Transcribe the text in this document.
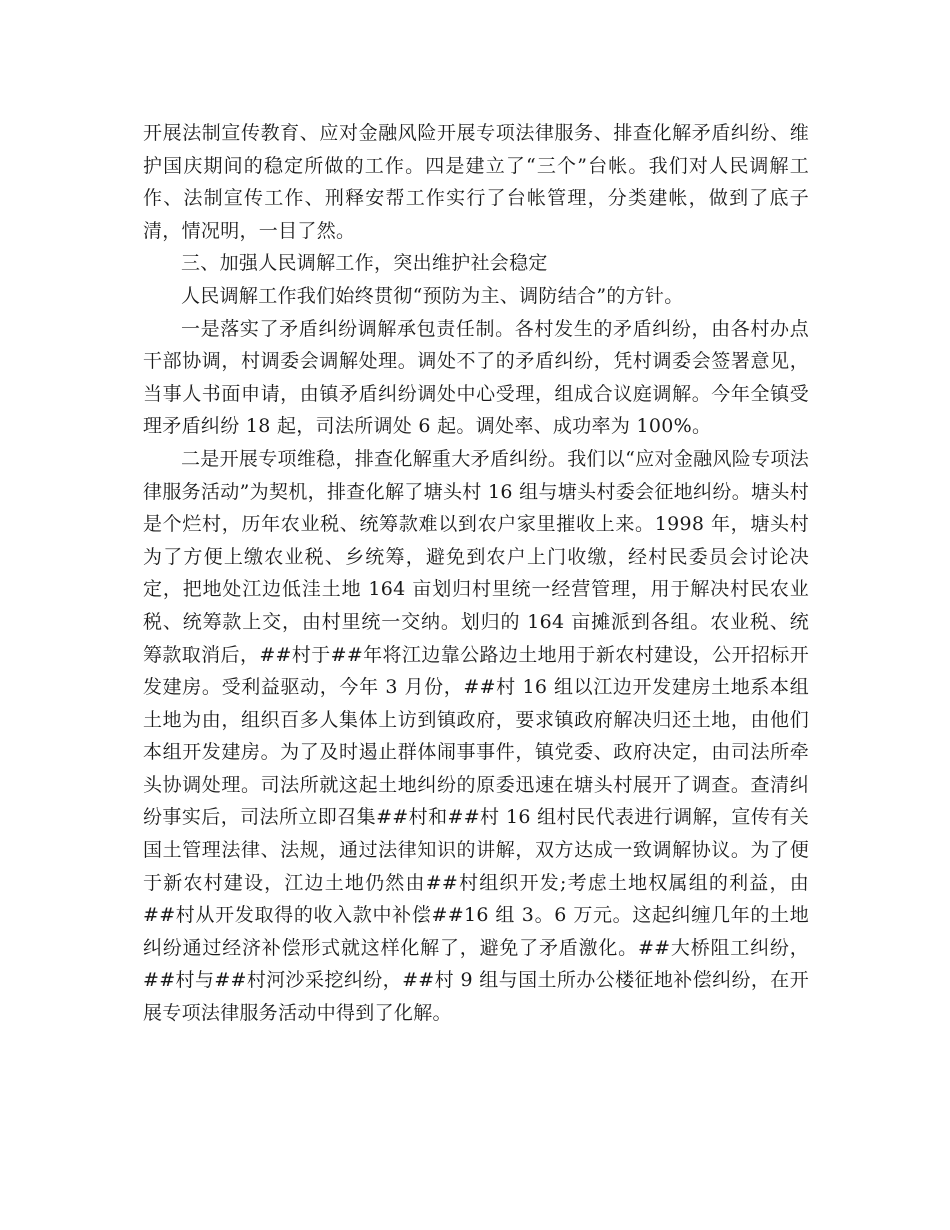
开展法制宣传教育、应对金融风险开展专项法律服务、排查化解矛盾纠纷、维护国庆期间的稳定所做的工作。四是建立了“三个”台帐。我们对人民调解工作、法制宣传工作、刑释安帮工作实行了台帐管理，分类建帐，做到了底子清，情况明，一目了然。

三、加强人民调解工作，突出维护社会稳定

人民调解工作我们始终贯彻“预防为主、调防结合”的方针。

一是落实了矛盾纠纷调解承包责任制。各村发生的矛盾纠纷，由各村办点干部协调，村调委会调解处理。调处不了的矛盾纠纷，凭村调委会签署意见，当事人书面申请，由镇矛盾纠纷调处中心受理，组成合议庭调解。今年全镇受理矛盾纠纷 18 起，司法所调处 6 起。调处率、成功率为 100%。

二是开展专项维稳，排查化解重大矛盾纠纷。我们以“应对金融风险专项法律服务活动”为契机，排查化解了塘头村 16 组与塘头村委会征地纠纷。塘头村是个烂村，历年农业税、统筹款难以到农户家里摧收上来。1998 年，塘头村为了方便上缴农业税、乡统筹，避免到农户上门收缴，经村民委员会讨论决定，把地处江边低洼土地 164 亩划归村里统一经营管理，用于解决村民农业税、统筹款上交，由村里统一交纳。划归的 164 亩摊派到各组。农业税、统筹款取消后，##村于##年将江边靠公路边土地用于新农村建设，公开招标开发建房。受利益驱动，今年 3 月份，##村 16 组以江边开发建房土地系本组土地为由，组织百多人集体上访到镇政府，要求镇政府解决归还土地，由他们本组开发建房。为了及时遏止群体闹事事件，镇党委、政府决定，由司法所牵头协调处理。司法所就这起土地纠纷的原委迅速在塘头村展开了调查。查清纠纷事实后，司法所立即召集##村和##村 16 组村民代表进行调解，宣传有关国土管理法律、法规，通过法律知识的讲解，双方达成一致调解协议。为了便于新农村建设，江边土地仍然由##村组织开发;考虑土地权属组的利益，由##村从开发取得的收入款中补偿##16 组 3。6 万元。这起纠缠几年的土地纠纷通过经济补偿形式就这样化解了，避免了矛盾激化。##大桥阻工纠纷，##村与##村河沙采挖纠纷，##村 9 组与国土所办公楼征地补偿纠纷，在开展专项法律服务活动中得到了化解。
